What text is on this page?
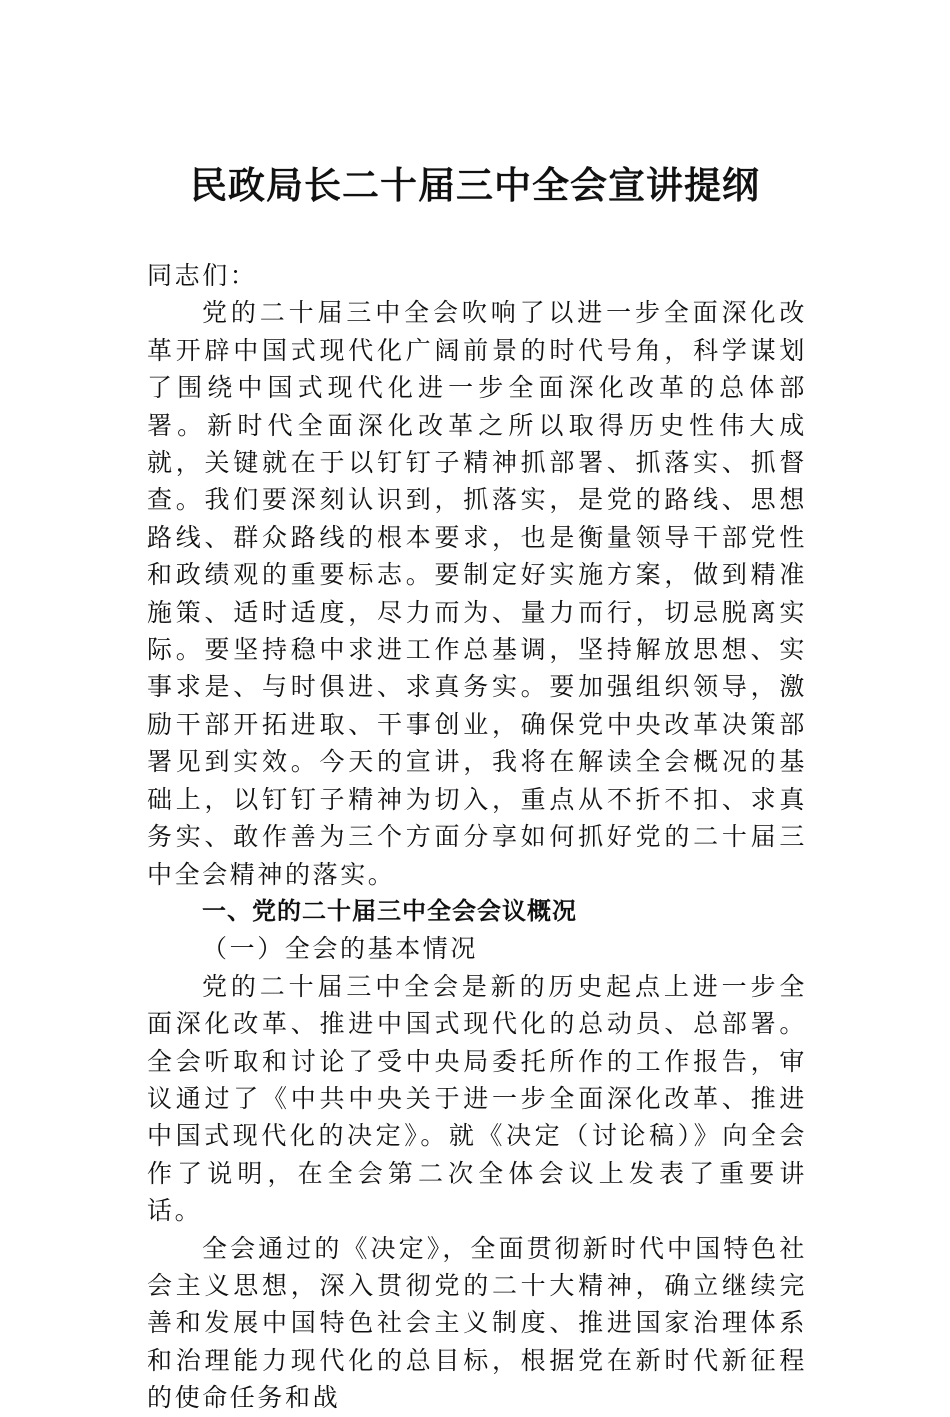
民政局长二十届三中全会宣讲提纲

同志们：

党的二十届三中全会吹响了以进一步全面深化改革开辟中国式现代化广阔前景的时代号角，科学谋划了围绕中国式现代化进一步全面深化改革的总体部署。新时代全面深化改革之所以取得历史性伟大成就，关键就在于以钉钉子精神抓部署、抓落实、抓督查。我们要深刻认识到，抓落实，是党的路线、思想路线、群众路线的根本要求，也是衡量领导干部党性和政绩观的重要标志。要制定好实施方案，做到精准施策、适时适度，尽力而为、量力而行，切忌脱离实际。要坚持稳中求进工作总基调，坚持解放思想、实事求是、与时俱进、求真务实。要加强组织领导，激励干部开拓进取、干事创业，确保党中央改革决策部署见到实效。今天的宣讲，我将在解读全会概况的基础上，以钉钉子精神为切入，重点从不折不扣、求真务实、敢作善为三个方面分享如何抓好党的二十届三中全会精神的落实。

一、党的二十届三中全会会议概况

（一）全会的基本情况

党的二十届三中全会是新的历史起点上进一步全面深化改革、推进中国式现代化的总动员、总部署。全会听取和讨论了受中央局委托所作的工作报告，审议通过了《中共中央关于进一步全面深化改革、推进中国式现代化的决定》。就《决定（讨论稿）》向全会作了说明，在全会第二次全体会议上发表了重要讲话。

全会通过的《决定》，全面贯彻新时代中国特色社会主义思想，深入贯彻党的二十大精神，确立继续完善和发展中国特色社会主义制度、推进国家治理体系和治理能力现代化的总目标，根据党在新时代新征程的使命任务和战
